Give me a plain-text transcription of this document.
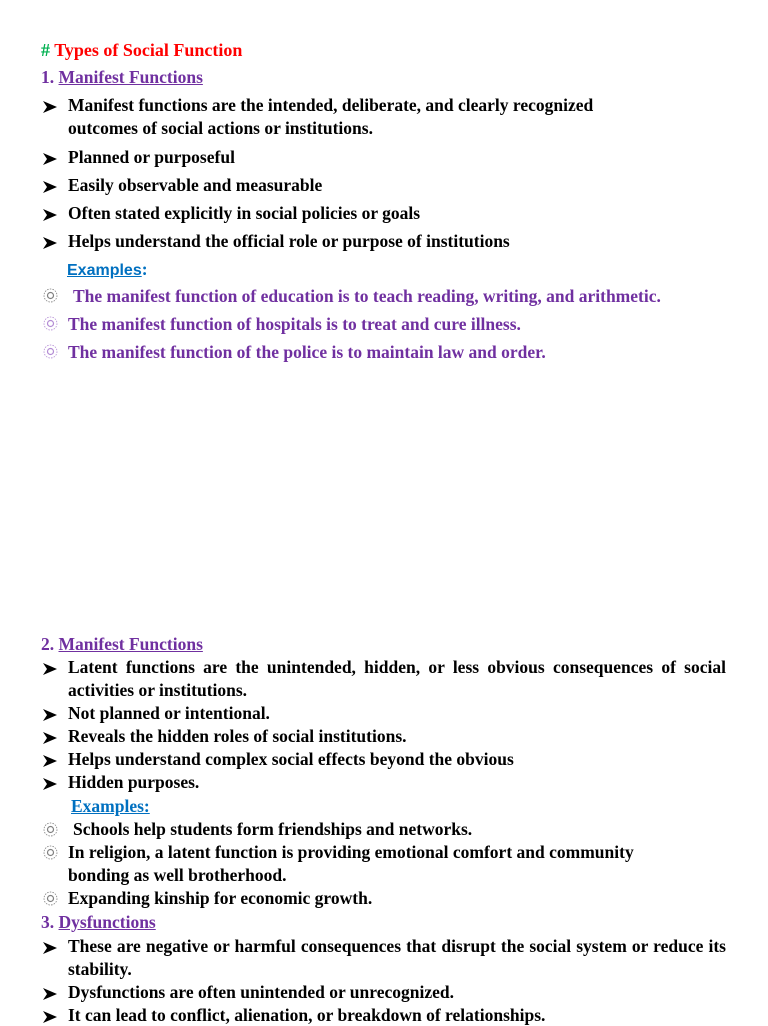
# Types of Social Function
1. Manifest Functions
Manifest functions are the intended, deliberate, and clearly recognized
outcomes of social actions or institutions.
Planned or purposeful
Easily observable and measurable
Often stated explicitly in social policies or goals
Helps understand the official role or purpose of institutions
Examples:
The manifest function of education is to teach reading, writing, and arithmetic.
The manifest function of hospitals is to treat and cure illness.
The manifest function of the police is to maintain law and order.
2. Manifest Functions
Latent functions are the unintended, hidden, or less obvious consequences of social activities or institutions.
Not planned or intentional.
Reveals the hidden roles of social institutions.
Helps understand complex social effects beyond the obvious
Hidden purposes.
Examples:
Schools help students form friendships and networks.
In religion, a latent function is providing emotional comfort and community
bonding as well brotherhood.
Expanding kinship for economic growth.
3. Dysfunctions
These are negative or harmful consequences that disrupt the social system or reduce its stability.
Dysfunctions are often unintended or unrecognized.
It can lead to conflict, alienation, or breakdown of relationships.
